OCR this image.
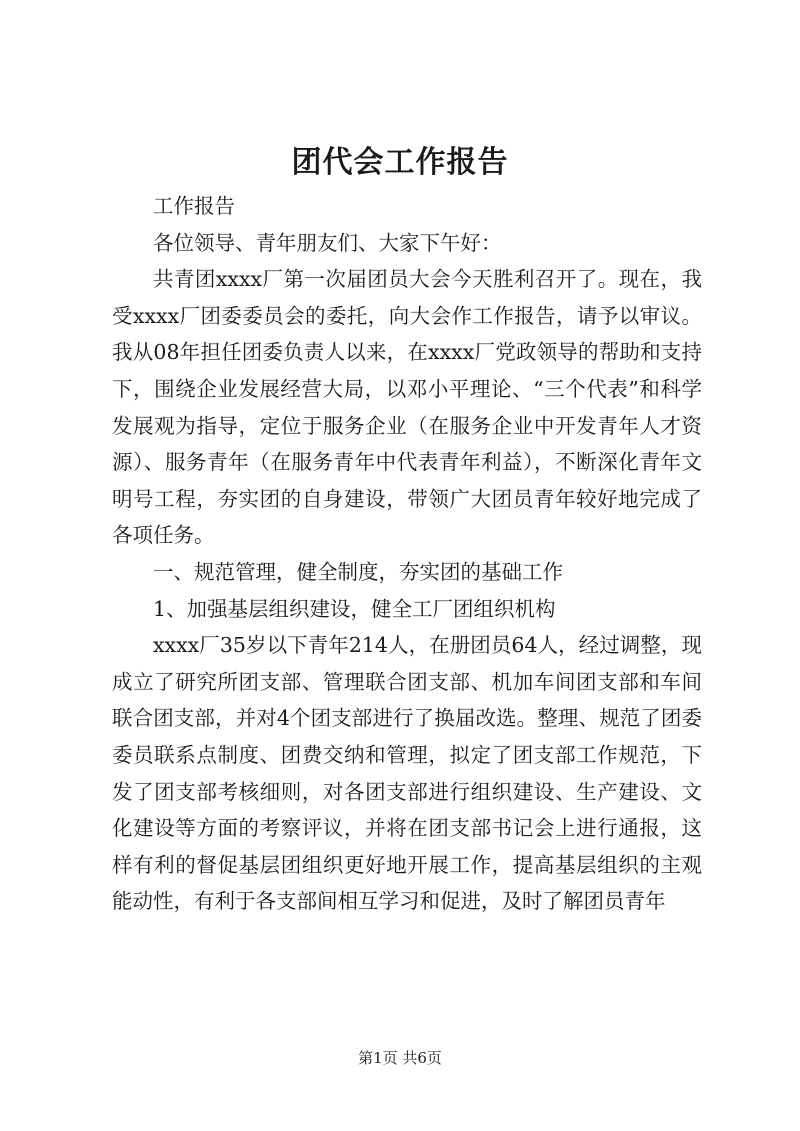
团代会工作报告

工作报告

各位领导、青年朋友们、大家下午好：

共青团xxxx厂第一次届团员大会今天胜利召开了。现在，我受xxxx厂团委委员会的委托，向大会作工作报告，请予以审议。我从08年担任团委负责人以来，在xxxx厂党政领导的帮助和支持下，围绕企业发展经营大局，以邓小平理论、“三个代表”和科学发展观为指导，定位于服务企业（在服务企业中开发青年人才资源）、服务青年（在服务青年中代表青年利益），不断深化青年文明号工程，夯实团的自身建设，带领广大团员青年较好地完成了各项任务。

一、规范管理，健全制度，夯实团的基础工作

1、加强基层组织建设，健全工厂团组织机构

xxxx厂35岁以下青年214人，在册团员64人，经过调整，现成立了研究所团支部、管理联合团支部、机加车间团支部和车间联合团支部，并对4个团支部进行了换届改选。整理、规范了团委委员联系点制度、团费交纳和管理，拟定了团支部工作规范，下发了团支部考核细则，对各团支部进行组织建设、生产建设、文化建设等方面的考察评议，并将在团支部书记会上进行通报，这样有利的督促基层团组织更好地开展工作，提高基层组织的主观能动性，有利于各支部间相互学习和促进，及时了解团员青年

第1页 共6页
